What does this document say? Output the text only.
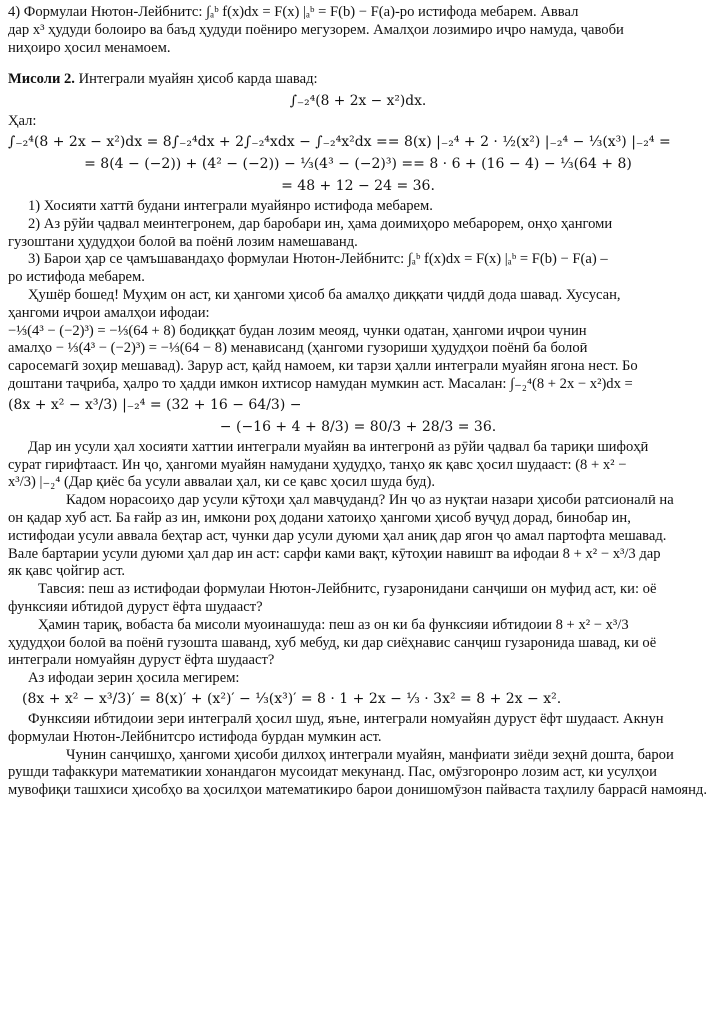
4) Формулаи Нютон-Лейбнитс: ∫ₐᵇ f(x)dx = F(x) |ₐᵇ = F(b) − F(a)-ро истифода мебарем. Аввал

дар x³ ҳудуди болоиро ва баъд ҳудуди поёниро мегузорем. Амалҳои лозимиро иҷро намуда, ҷавоби

ниҳоиро ҳосил менамоем.

Мисоли 2. Интеграли муайян ҳисоб карда шавад:

∫₋₂⁴(8 + 2x − x²)dx.

Ҳал:

∫₋₂⁴(8 + 2x − x²)dx = 8∫₋₂⁴dx + 2∫₋₂⁴xdx − ∫₋₂⁴x²dx == 8(x) |₋₂⁴ + 2 · ½(x²) |₋₂⁴ − ⅓(x³) |₋₂⁴ =

= 8(4 − (−2)) + (4² − (−2)) − ⅓(4³ − (−2)³) == 8 · 6 + (16 − 4) − ⅓(64 + 8)

= 48 + 12 − 24 = 36.

1) Хосияти хаттӣ будани интеграли муайянро истифода мебарем.

2) Аз рӯйи ҷадвал меинтегронем, дар баробари ин, ҳама доимиҳоро мебарорем, онҳо ҳангоми

гузоштани ҳудудҳои болоӣ ва поёнӣ лозим намешаванд.

3) Барои ҳар се ҷамъшавандаҳо формулаи Нютон-Лейбнитс: ∫ₐᵇ f(x)dx = F(x) |ₐᵇ = F(b) − F(a) –

ро истифода мебарем.

Ҳушёр бошед! Муҳим он аст, ки ҳангоми ҳисоб ба амалҳо диққати ҷиддӣ дода шавад. Хусусан,

ҳангоми иҷрои амалҳои ифодаи:

−⅓(4³ − (−2)³) = −⅓(64 + 8) бодиққат будан лозим меояд, чунки одатан, ҳангоми иҷрои чунин

амалҳо − ⅓(4³ − (−2)³) = −⅓(64 − 8) менависанд (ҳангоми гузориши ҳудудҳои поёнӣ ба болоӣ

саросемагӣ зоҳир мешавад). Зарур аст, қайд намоем, ки тарзи ҳалли интеграли муайян ягона нест. Бо

доштани таҷриба, ҳалро то ҳадди имкон ихтисор намудан мумкин аст. Масалан: ∫₋₂⁴(8 + 2x − x²)dx =

(8x + x² − x³/3) |₋₂⁴ = (32 + 16 − 64/3) −

− (−16 + 4 + 8/3) = 80/3 + 28/3 = 36.

Дар ин усули ҳал хосияти хаттии интеграли муайян ва интегронӣ аз рӯйи ҷадвал ба тариқи шифоҳӣ

сурат гирифтааст. Ин ҷо, ҳангоми муайян намудани ҳудудҳо, танҳо як қавс ҳосил шудааст: (8 + x² −

x³/3) |₋₂⁴ (Дар қиёс ба усули аввалаи ҳал, ки се қавс ҳосил шуда буд).

Кадом норасоиҳо дар усули кӯтоҳи ҳал мавҷуданд? Ин ҷо аз нуқтаи назари ҳисоби ратсионалӣ на

он қадар хуб аст. Ба ғайр аз ин, имкони роҳ додани хатоиҳо ҳангоми ҳисоб вуҷуд дорад, бинобар ин,

истифодаи усули аввала беҳтар аст, чунки дар усули дуюми ҳал аниқ дар ягон ҷо амал партофта мешавад.

Вале бартарии усули дуюми ҳал дар ин аст: сарфи ками вақт, кӯтоҳии навишт ва ифодаи 8 + x² − x³/3 дар

як қавс ҷойгир аст.

Тавсия: пеш аз истифодаи формулаи Нютон-Лейбнитс, гузаронидани санҷиши он муфид аст, ки: оё

функсияи ибтидоӣ дуруст ёфта шудааст?

Ҳамин тариқ, вобаста ба мисоли муоинашуда: пеш аз он ки ба функсияи ибтидоии 8 + x² − x³/3

ҳудудҳои болоӣ ва поёнӣ гузошта шаванд, хуб мебуд, ки дар сиёҳнавис санҷиш гузаронида шавад, ки оё

интеграли номуайян дуруст ёфта шудааст?

Аз ифодаи зерин ҳосила мегирем:

(8x + x² − x³/3)′ = 8(x)′ + (x²)′ − ⅓(x³)′ = 8 · 1 + 2x − ⅓ · 3x² = 8 + 2x − x².

Функсияи ибтидоии зери интегралӣ ҳосил шуд, яъне, интеграли номуайян дуруст ёфт шудааст. Акнун

формулаи Нютон-Лейбнитсро истифода бурдан мумкин аст.

Чунин санҷишҳо, ҳангоми ҳисоби дилхоҳ интеграли муайян, манфиати зиёди зеҳнӣ дошта, барои

рушди тафаккури математикии хонандагон мусоидат мекунанд. Пас, омӯзгоронро лозим аст, ки усулҳои

мувофиқи ташхиси ҳисобҳо ва ҳосилҳои математикиро барои донишомӯзон пайваста таҳлилу баррасӣ намоянд.
